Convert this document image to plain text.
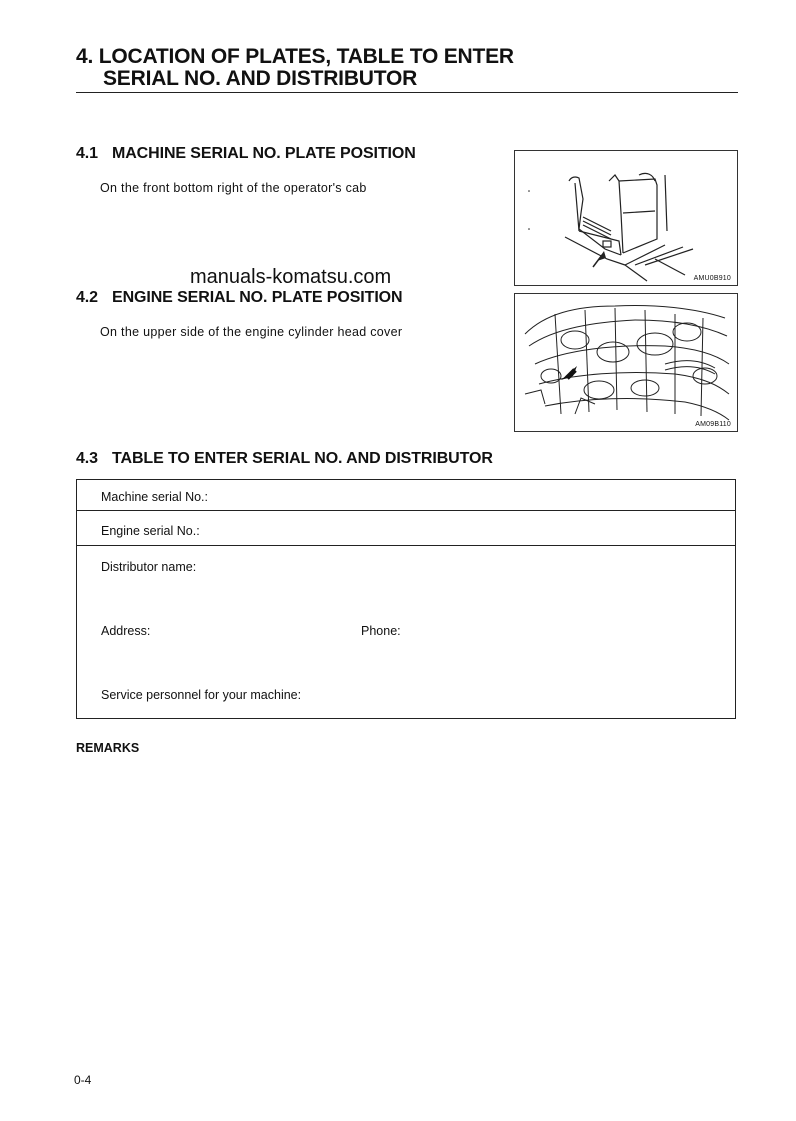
4. LOCATION OF PLATES, TABLE TO ENTER
SERIAL NO. AND DISTRIBUTOR
4.1 MACHINE SERIAL NO. PLATE POSITION
On the front bottom right of the operator's cab
AMU0B910
manuals-komatsu.com
4.2 ENGINE SERIAL NO. PLATE POSITION
On the upper side of the engine cylinder head cover
AM09B110
4.3 TABLE TO ENTER SERIAL NO. AND DISTRIBUTOR
Machine serial No.:
Engine serial No.:
Distributor name:
Address:	Phone:
Service personnel for your machine:
REMARKS
0-4
